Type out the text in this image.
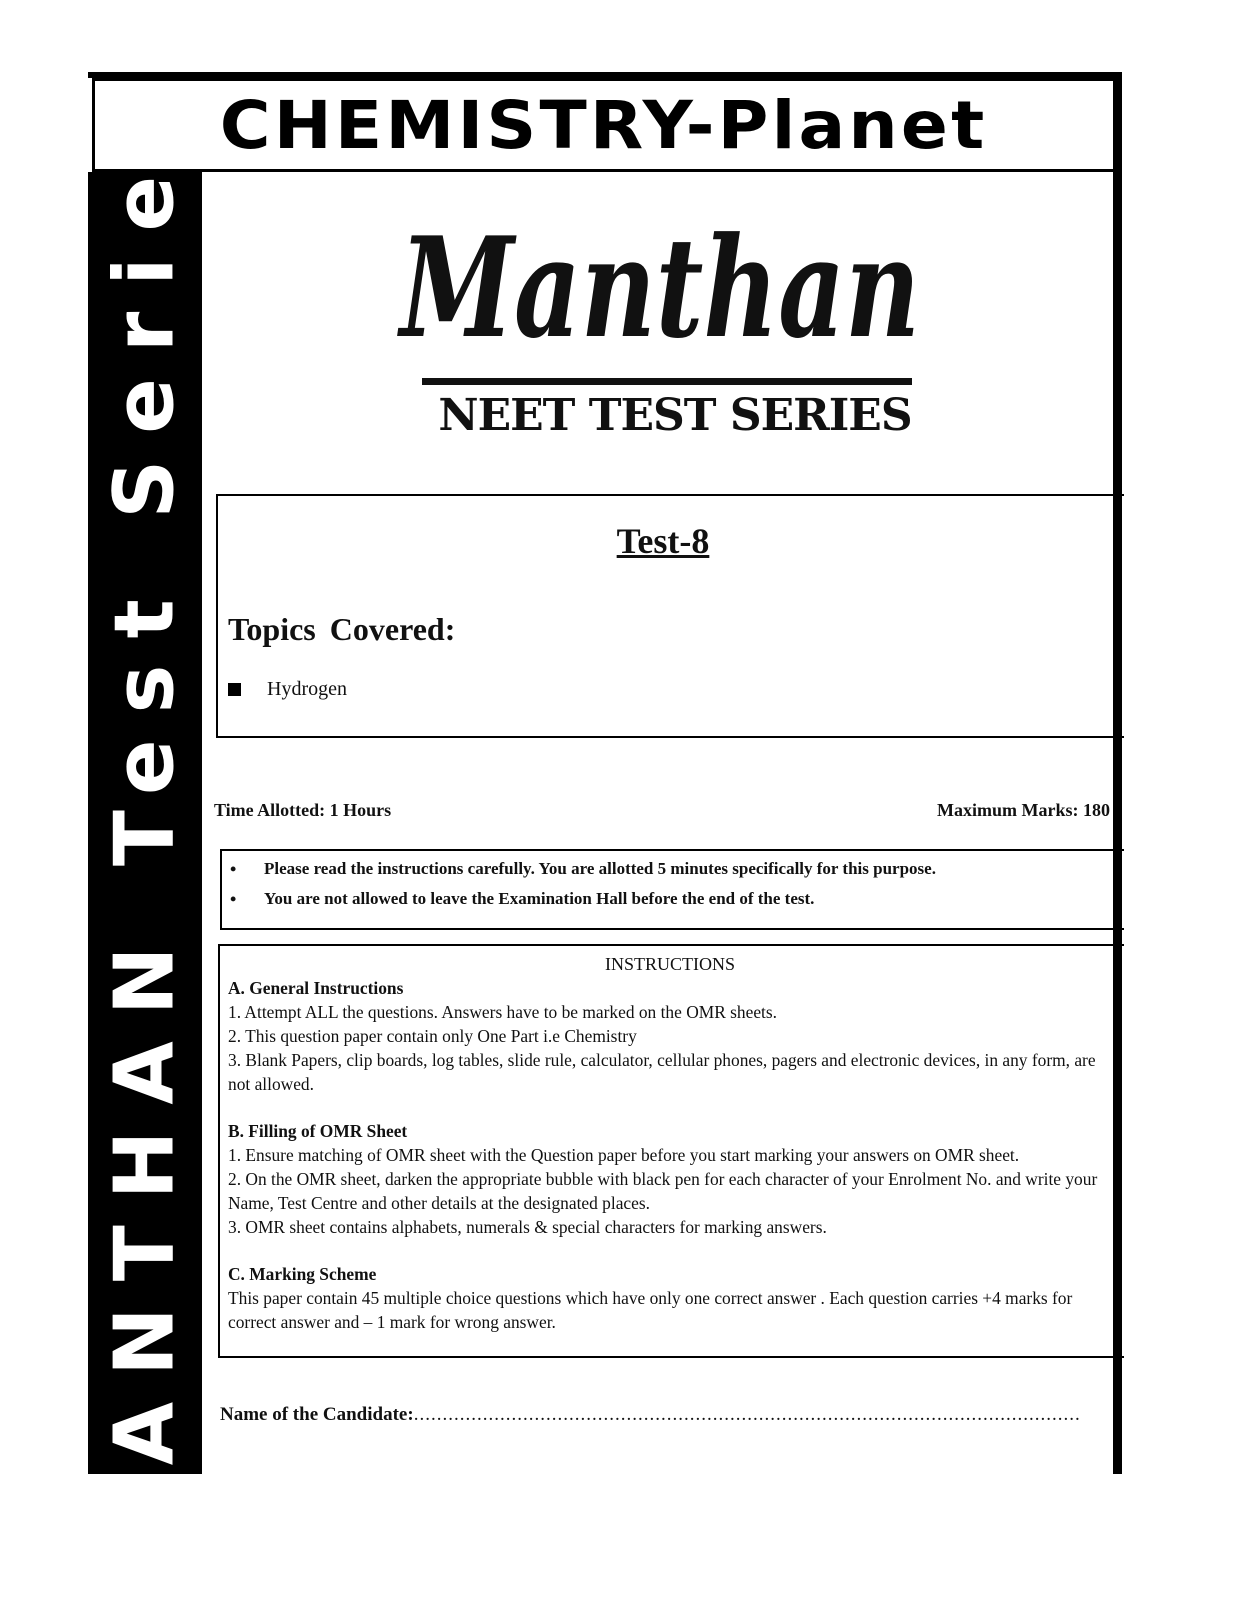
CHEMISTRY-Planet
MANTHAN Test Series Manthan
NEET TEST SERIES
Test-8
Topics Covered:
Hydrogen
Time Allotted: 1 Hours	Maximum Marks: 180
•	Please read the instructions carefully. You are allotted 5 minutes specifically for this purpose.
•	You are not allowed to leave the Examination Hall before the end of the test.
INSTRUCTIONS
A. General Instructions
1. Attempt ALL the questions. Answers have to be marked on the OMR sheets.
2. This question paper contain only One Part i.e Chemistry
3. Blank Papers, clip boards, log tables, slide rule, calculator, cellular phones, pagers and electronic devices, in any form, are not allowed.
B. Filling of OMR Sheet
1. Ensure matching of OMR sheet with the Question paper before you start marking your answers on OMR sheet.
2. On the OMR sheet, darken the appropriate bubble with black pen for each character of your Enrolment No. and write your Name, Test Centre and other details at the designated places.
3. OMR sheet contains alphabets, numerals & special characters for marking answers.
C. Marking Scheme
This paper contain 45 multiple choice questions which have only one correct answer . Each question carries +4 marks for correct answer and – 1 mark for wrong answer.
Name of the Candidate:....................................................................................................................
